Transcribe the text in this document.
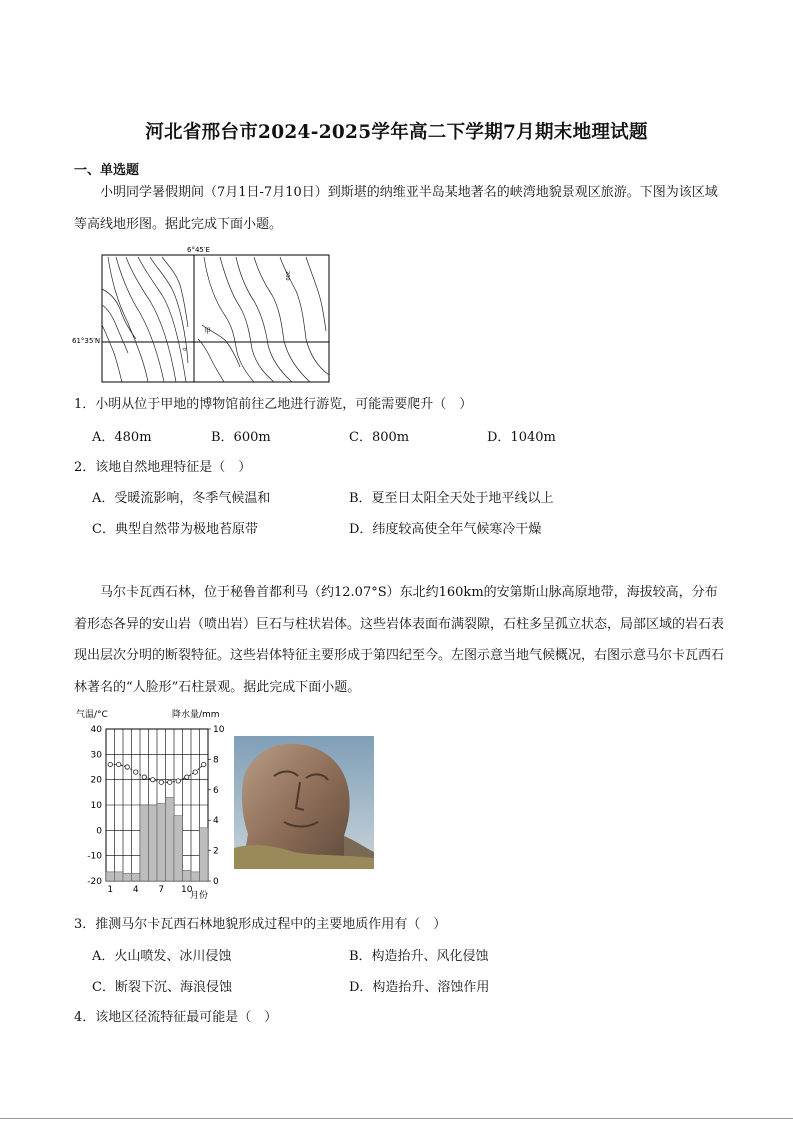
河北省邢台市2024-2025学年高二下学期7月期末地理试题
一、单选题
小明同学暑假期间（7月1日-7月10日）到斯堪的纳维亚半岛某地著名的峡湾地貌景观区旅游。下图为该区域等高线地形图。据此完成下面小题。
6°45′E
61°35′N
甲
200
0
1．小明从位于甲地的博物馆前往乙地进行游览，可能需要爬升（　）
A．480m	B．600m	C．800m	D．1040m
2．该地自然地理特征是（　）
A．受暖流影响，冬季气候温和	B．夏至日太阳全天处于地平线以上
C．典型自然带为极地苔原带	D．纬度较高使全年气候寒冷干燥
马尔卡瓦西石林，位于秘鲁首都利马（约12.07°S）东北约160km的安第斯山脉高原地带，海拔较高，分布着形态各异的安山岩（喷出岩）巨石与柱状岩体。这些岩体表面布满裂隙，石柱多呈孤立状态，局部区域的岩石表现出层次分明的断裂特征。这些岩体特征主要形成于第四纪至今。左图示意当地气候概况，右图示意马尔卡瓦西石林著名的“人脸形”石柱景观。据此完成下面小题。
气温/°C	降水量/mm
40
30
20
10
0
-10
-20
10
8
6
4
2
0
1 4 7 10
月份
3．推测马尔卡瓦西石林地貌形成过程中的主要地质作用有（　）
A．火山喷发、冰川侵蚀	B．构造抬升、风化侵蚀
C．断裂下沉、海浪侵蚀	D．构造抬升、溶蚀作用
4．该地区径流特征最可能是（　）
